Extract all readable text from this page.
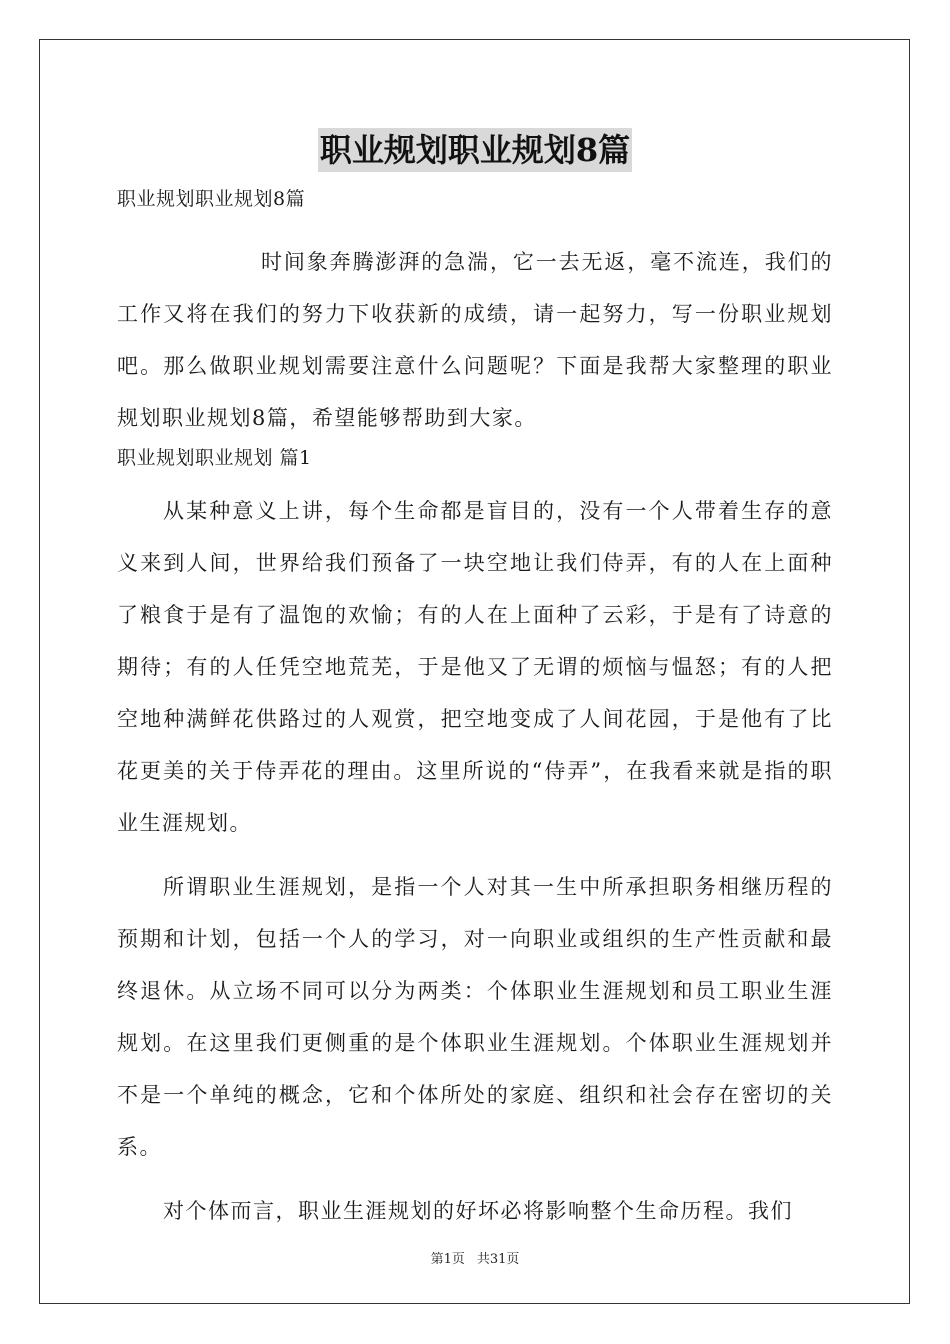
职业规划职业规划8篇
职业规划职业规划8篇

时间象奔腾澎湃的急湍，它一去无返，毫不流连，我们的工作又将在我们的努力下收获新的成绩，请一起努力，写一份职业规划吧。那么做职业规划需要注意什么问题呢？下面是我帮大家整理的职业规划职业规划8篇，希望能够帮助到大家。

职业规划职业规划 篇1

从某种意义上讲，每个生命都是盲目的，没有一个人带着生存的意义来到人间，世界给我们预备了一块空地让我们侍弄，有的人在上面种了粮食于是有了温饱的欢愉；有的人在上面种了云彩，于是有了诗意的期待；有的人任凭空地荒芜，于是他又了无谓的烦恼与愠怒；有的人把空地种满鲜花供路过的人观赏，把空地变成了人间花园，于是他有了比花更美的关于侍弄花的理由。这里所说的“侍弄”，在我看来就是指的职业生涯规划。

所谓职业生涯规划，是指一个人对其一生中所承担职务相继历程的预期和计划，包括一个人的学习，对一向职业或组织的生产性贡献和最终退休。从立场不同可以分为两类：个体职业生涯规划和员工职业生涯规划。在这里我们更侧重的是个体职业生涯规划。个体职业生涯规划并不是一个单纯的概念，它和个体所处的家庭、组织和社会存在密切的关系。

对个体而言，职业生涯规划的好坏必将影响整个生命历程。我们

第1页 共31页
